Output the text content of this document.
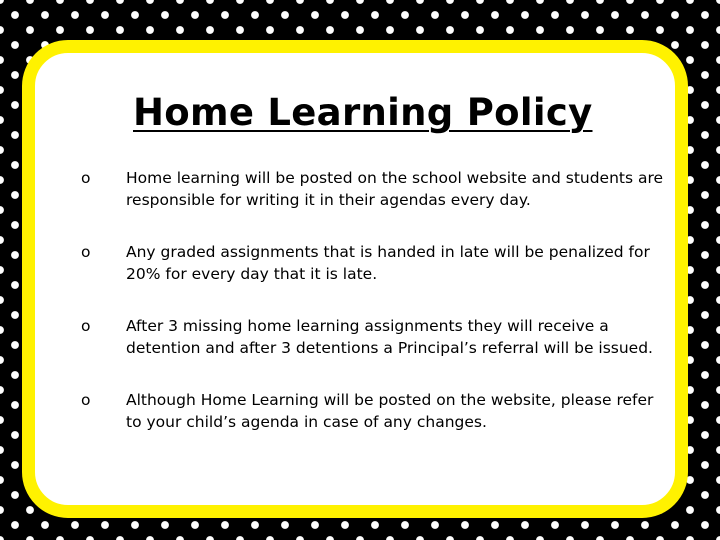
Home Learning Policy
o Home learning will be posted on the school website and students are responsible for writing it in their agendas every day.
o Any graded assignments that is handed in late will be penalized for 20% for every day that it is late.
o After 3 missing home learning assignments they will receive a detention and after 3 detentions a Principal’s referral will be issued.
o Although Home Learning will be posted on the website, please refer to your child’s agenda in case of any changes.
